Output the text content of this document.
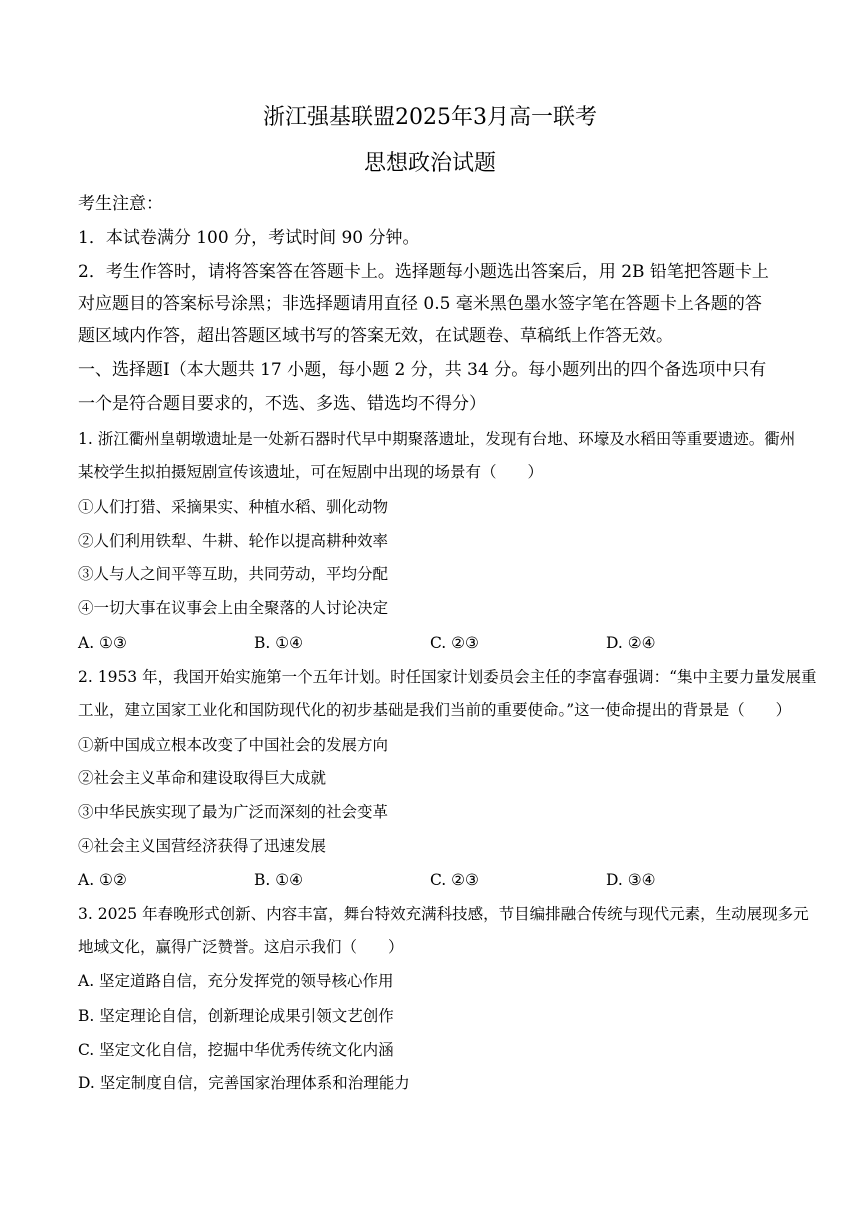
浙江强基联盟2025年3月高一联考
思想政治试题
考生注意：
1．本试卷满分 100 分，考试时间 90 分钟。
2．考生作答时，请将答案答在答题卡上。选择题每小题选出答案后，用 2B 铅笔把答题卡上
对应题目的答案标号涂黑；非选择题请用直径 0.5 毫米黑色墨水签字笔在答题卡上各题的答
题区域内作答，超出答题区域书写的答案无效，在试题卷、草稿纸上作答无效。
一、选择题Ⅰ（本大题共 17 小题，每小题 2 分，共 34 分。每小题列出的四个备选项中只有
一个是符合题目要求的，不选、多选、错选均不得分）
1. 浙江衢州皇朝墩遗址是一处新石器时代早中期聚落遗址，发现有台地、环壕及水稻田等重要遗迹。衢州
某校学生拟拍摄短剧宣传该遗址，可在短剧中出现的场景有（　　）
①人们打猎、采摘果实、种植水稻、驯化动物
②人们利用铁犁、牛耕、轮作以提高耕种效率
③人与人之间平等互助，共同劳动，平均分配
④一切大事在议事会上由全聚落的人讨论决定
A. ①③	B. ①④	C. ②③	D. ②④
2. 1953 年，我国开始实施第一个五年计划。时任国家计划委员会主任的李富春强调：“集中主要力量发展重
工业，建立国家工业化和国防现代化的初步基础是我们当前的重要使命。”这一使命提出的背景是（　　）
①新中国成立根本改变了中国社会的发展方向
②社会主义革命和建设取得巨大成就
③中华民族实现了最为广泛而深刻的社会变革
④社会主义国营经济获得了迅速发展
A. ①②	B. ①④	C. ②③	D. ③④
3. 2025 年春晚形式创新、内容丰富，舞台特效充满科技感，节目编排融合传统与现代元素，生动展现多元
地域文化，赢得广泛赞誉。这启示我们（　　）
A. 坚定道路自信，充分发挥党的领导核心作用
B. 坚定理论自信，创新理论成果引领文艺创作
C. 坚定文化自信，挖掘中华优秀传统文化内涵
D. 坚定制度自信，完善国家治理体系和治理能力
